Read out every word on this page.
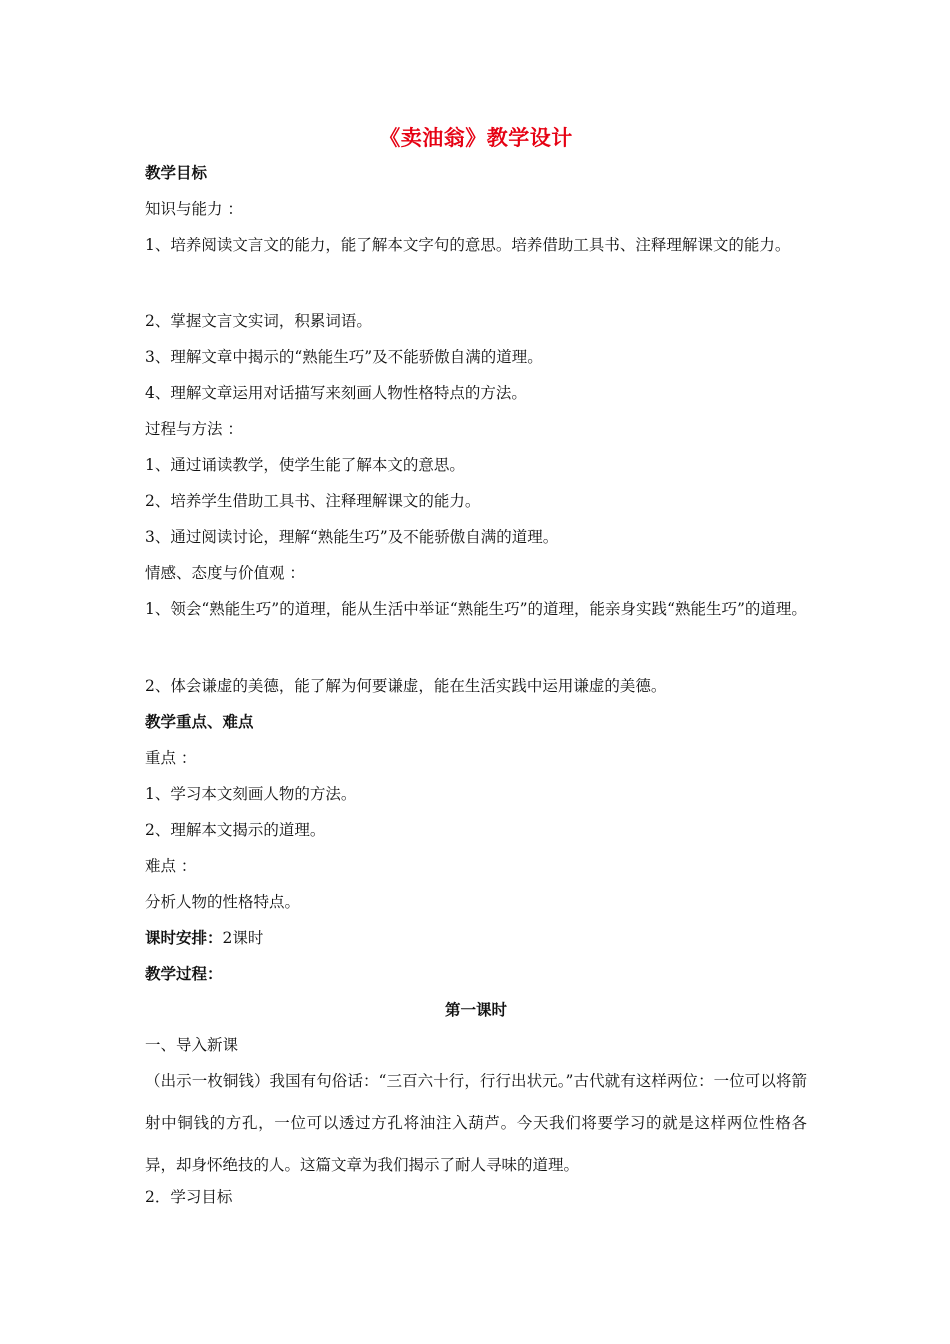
《卖油翁》教学设计
教学目标
知识与能力 ：
1、培养阅读文言文的能力，能了解本文字句的意思。培养借助工具书、注释理解课文的能力。
2、掌握文言文实词，积累词语。
3、理解文章中揭示的“熟能生巧”及不能骄傲自满的道理。
4、理解文章运用对话描写来刻画人物性格特点的方法。
过程与方法 ：
1、通过诵读教学，使学生能了解本文的意思。
2、培养学生借助工具书、注释理解课文的能力。
3、通过阅读讨论，理解“熟能生巧”及不能骄傲自满的道理。
情感、态度与价值观 ：
1、领会“熟能生巧”的道理，能从生活中举证“熟能生巧”的道理，能亲身实践“熟能生巧”的道理。
2、体会谦虚的美德，能了解为何要谦虚，能在生活实践中运用谦虚的美德。
教学重点、难点
重点 ：
1、学习本文刻画人物的方法。
2、理解本文揭示的道理。
难点 ：
分析人物的性格特点。
课时安排：2课时
教学过程：
第一课时
一、导入新课
（出示一枚铜钱）我国有句俗话：“三百六十行，行行出状元。”古代就有这样两位：一位可以将箭射中铜钱的方孔，一位可以透过方孔将油注入葫芦。今天我们将要学习的就是这样两位性格各异，却身怀绝技的人。这篇文章为我们揭示了耐人寻味的道理。
2．学习目标
